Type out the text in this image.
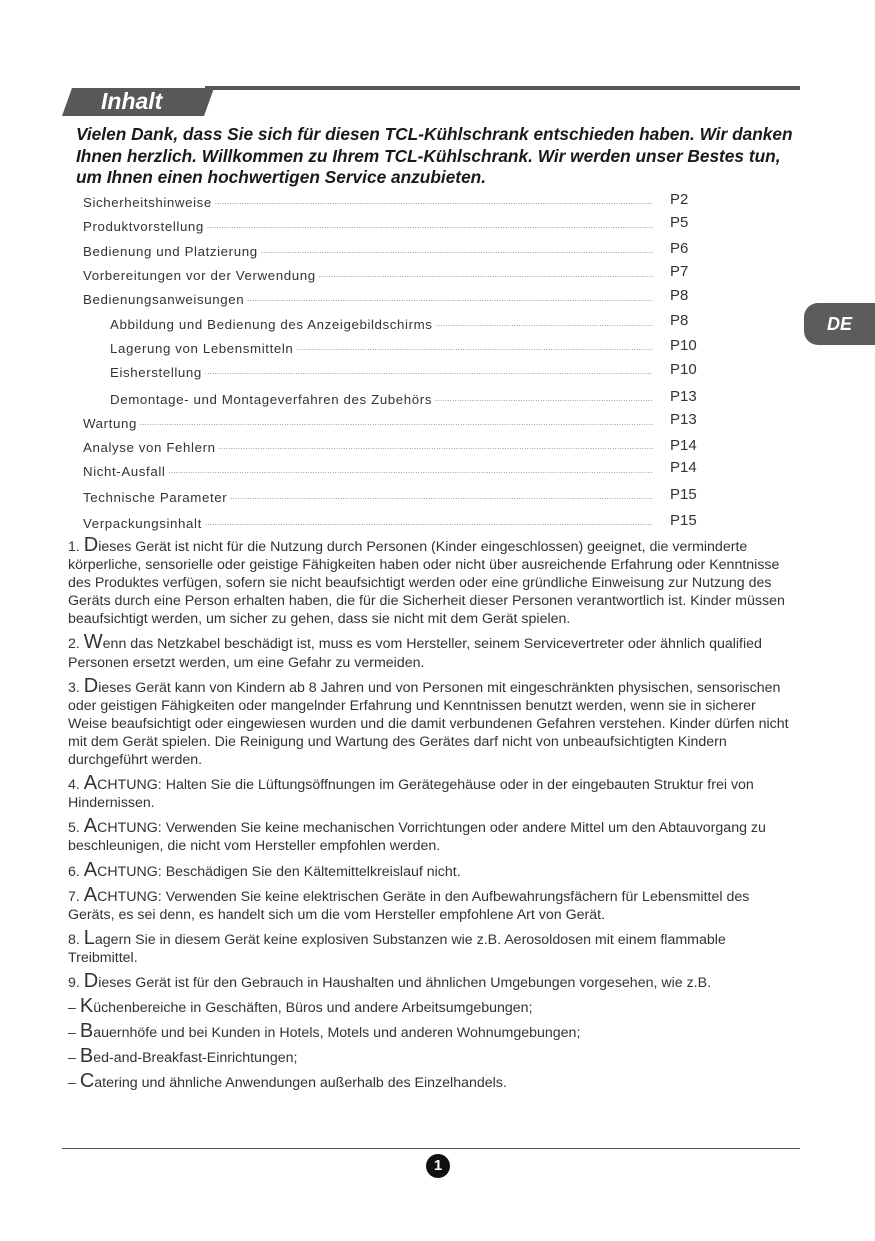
Inhalt
Vielen Dank, dass Sie sich für diesen TCL-Kühlschrank entschieden haben. Wir danken Ihnen herzlich. Willkommen zu Ihrem TCL-Kühlschrank. Wir werden unser Bestes tun, um Ihnen einen hochwertigen Service anzubieten.
DE
Sicherheitshinweise .....	P2
Produktvorstellung .....	P5
Bedienung und Platzierung .....	P6
Vorbereitungen vor der Verwendung .....	P7
Bedienungsanweisungen .....	P8
Abbildung und Bedienung des Anzeigebildschirms .....	P8
Lagerung von Lebensmitteln .....	P10
Eisherstellung .....	P10
Demontage- und Montageverfahren des Zubehörs .....	P13
Wartung .....	P13
Analyse von Fehlern .....	P14
Nicht-Ausfall .....	P14
Technische Parameter .....	P15
Verpackungsinhalt .....	P15
1. Dieses Gerät ist nicht für die Nutzung durch Personen (Kinder eingeschlossen) geeignet, die verminderte körperliche, sensorielle oder geistige Fähigkeiten haben oder nicht über ausreichende Erfahrung oder Kenntnisse des Produktes verfügen, sofern sie nicht beaufsichtigt werden oder eine gründliche Einweisung zur Nutzung des Geräts durch eine Person erhalten haben, die für die Sicherheit dieser Personen verantwortlich ist. Kinder müssen beaufsichtigt werden, um sicher zu gehen, dass sie nicht mit dem Gerät spielen.
2. Wenn das Netzkabel beschädigt ist, muss es vom Hersteller, seinem Servicevertreter oder ähnlich qualified Personen ersetzt werden, um eine Gefahr zu vermeiden.
3. Dieses Gerät kann von Kindern ab 8 Jahren und von Personen mit eingeschränkten physischen, sensorischen oder geistigen Fähigkeiten oder mangelnder Erfahrung und Kenntnissen benutzt werden, wenn sie in sicherer Weise beaufsichtigt oder eingewiesen wurden und die damit verbundenen Gefahren verstehen. Kinder dürfen nicht mit dem Gerät spielen. Die Reinigung und Wartung des Gerätes darf nicht von unbeaufsichtigten Kindern durchgeführt werden.
4. ACHTUNG: Halten Sie die Lüftungsöffnungen im Gerätegehäuse oder in der eingebauten Struktur frei von Hindernissen.
5. ACHTUNG: Verwenden Sie keine mechanischen Vorrichtungen oder andere Mittel um den Abtauvorgang zu beschleunigen, die nicht vom Hersteller empfohlen werden.
6. ACHTUNG: Beschädigen Sie den Kältemittelkreislauf nicht.
7. ACHTUNG: Verwenden Sie keine elektrischen Geräte in den Aufbewahrungsfächern für Lebensmittel des Geräts, es sei denn, es handelt sich um die vom Hersteller empfohlene Art von Gerät.
8. Lagern Sie in diesem Gerät keine explosiven Substanzen wie z.B. Aerosoldosen mit einem flammable Treibmittel.
9. Dieses Gerät ist für den Gebrauch in Haushalten und ähnlichen Umgebungen vorgesehen, wie z.B.
– Küchenbereiche in Geschäften, Büros und andere Arbeitsumgebungen;
– Bauernhöfe und bei Kunden in Hotels, Motels und anderen Wohnumgebungen;
– Bed-and-Breakfast-Einrichtungen;
– Catering und ähnliche Anwendungen außerhalb des Einzelhandels.
1
